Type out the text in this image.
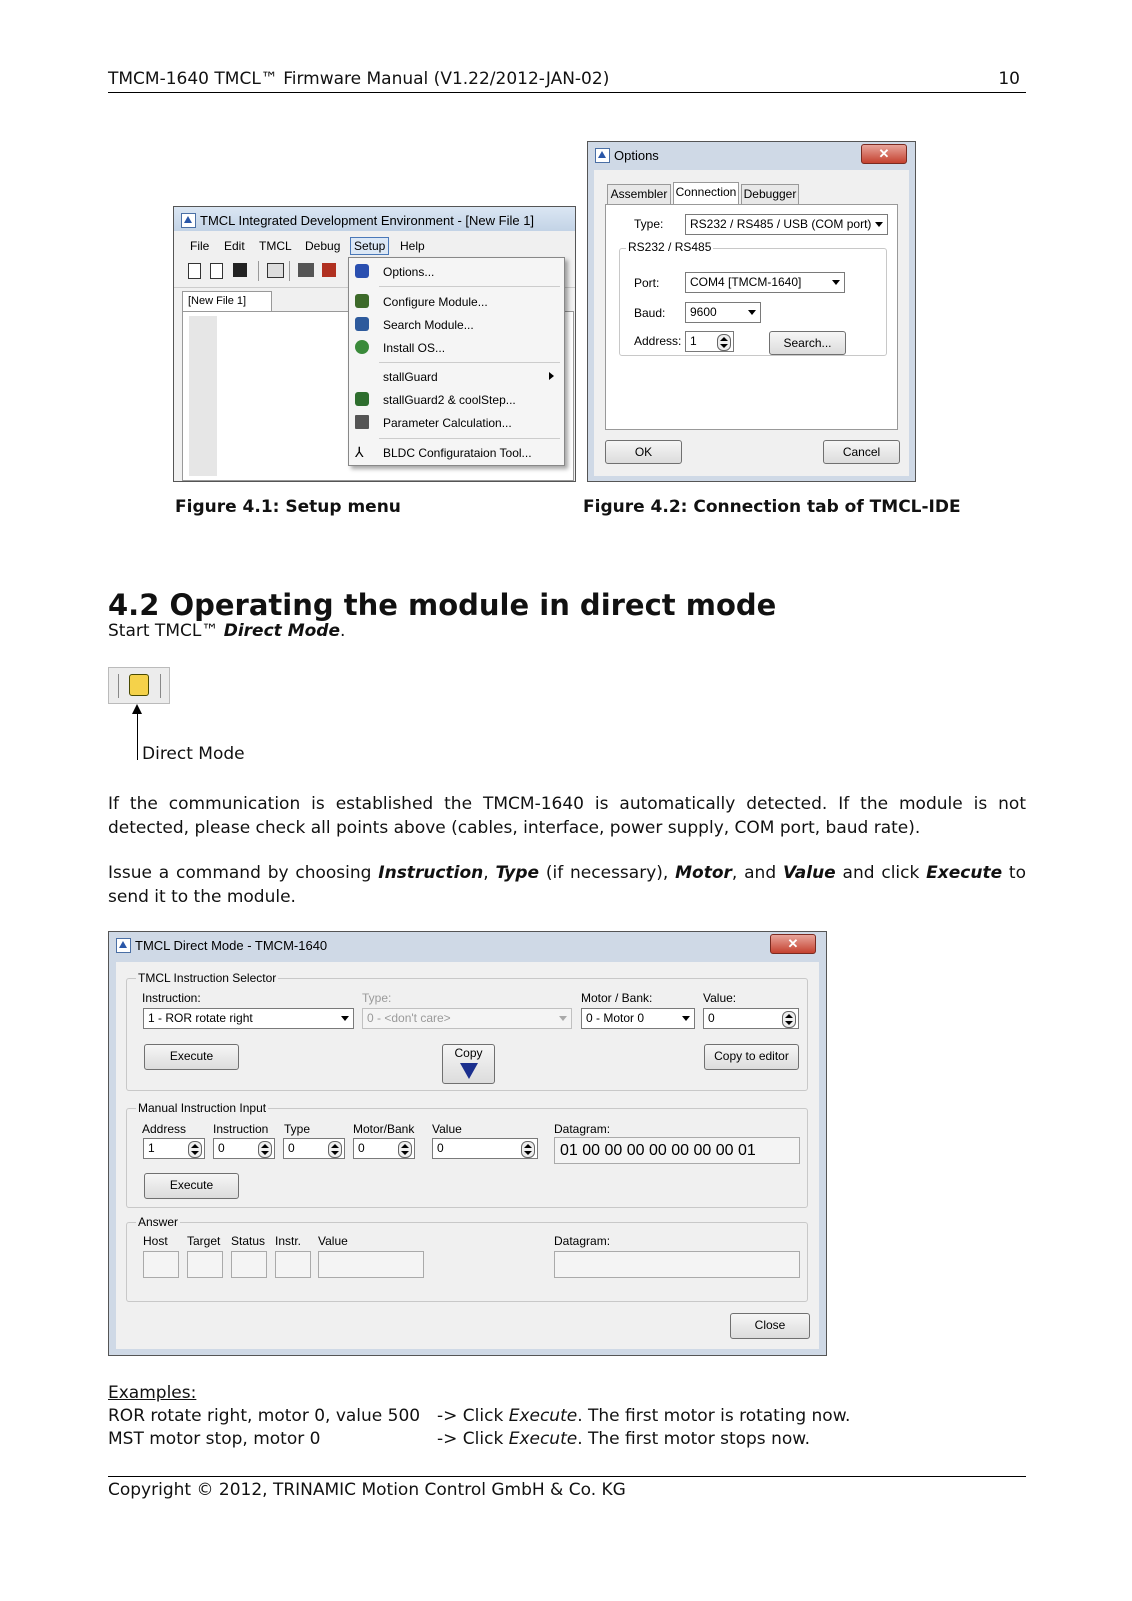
TMCM-1640 TMCL™ Firmware Manual (V1.22/2012-JAN-02)	10
TMCL Integrated Development Environment - [New File 1]
File Edit TMCL Debug	Setup	Help
[New File 1]
Options...
Configure Module...
Search Module...
Install OS...
stallGuard
stallGuard2 & coolStep...
Parameter Calculation...
⅄	BLDC Configurataion Tool...
Figure 4.1: Setup menu
Options	✕
Assembler Connection Debugger
Type:	RS232 / RS485 / USB (COM port)
RS232 / RS485
Port:	COM4 [TMCM-1640]
Baud:	9600
Address: 1	Search...
OK	Cancel
Figure 4.2: Connection tab of TMCL-IDE
4.2 Operating the module in direct mode
Start TMCL™ Direct Mode.
Direct Mode
If the communication is established the TMCM-1640 is automatically detected. If the module is not detected, please check all points above (cables, interface, power supply, COM port, baud rate).
Issue a command by choosing Instruction, Type (if necessary), Motor, and Value and click Execute to send it to the module.
TMCL Direct Mode - TMCM-1640	✕
TMCL Instruction Selector
Instruction:
1 - ROR rotate right
Type:
0 - <don't care>
Motor / Bank:
0 - Motor 0
Value:
0
Execute	Copy	Copy to editor
Manual Instruction Input
Address Instruction Type	Motor/Bank Value	Datagram:
1	0	0	0	0	01 00 00 00 00 00 00 00 01
Execute
Answer
Host Target Status Instr. Value	Datagram:
Close
Examples:
ROR rotate right, motor 0, value 500 -> Click Execute. The first motor is rotating now.
MST motor stop, motor 0	-> Click Execute. The first motor stops now.
Copyright © 2012, TRINAMIC Motion Control GmbH & Co. KG
